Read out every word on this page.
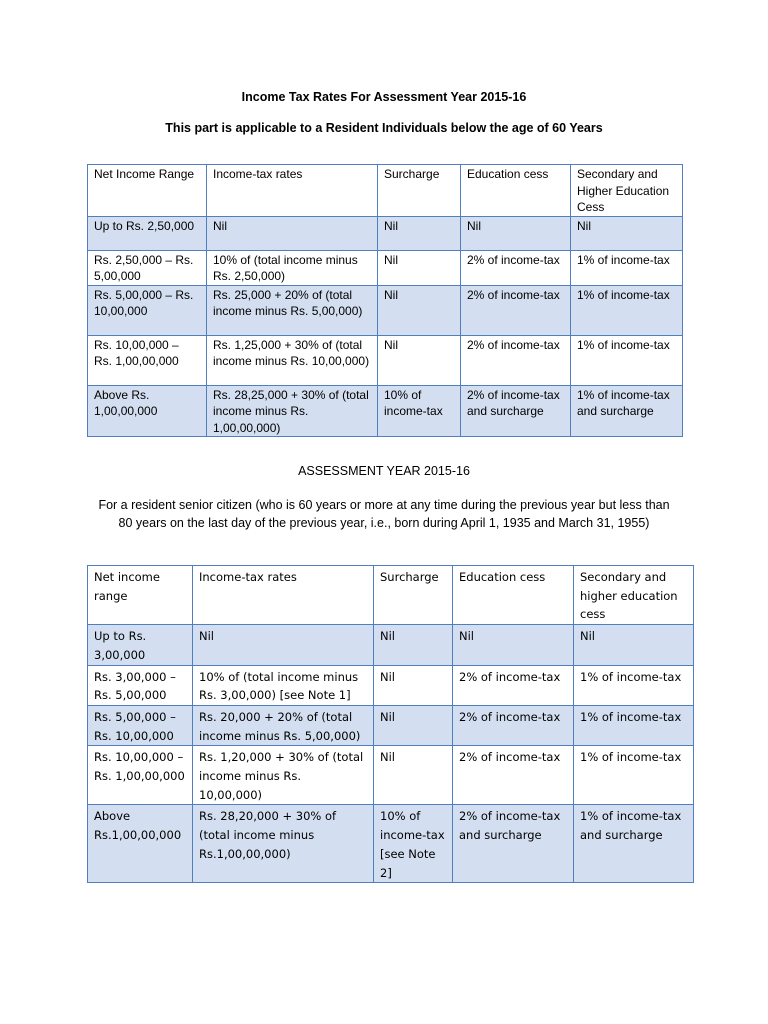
Income Tax Rates For Assessment Year 2015-16
This part is applicable to a Resident Individuals below the age of 60 Years
Net Income Range	Income-tax rates	Surcharge	Education cess	Secondary and Higher Education Cess
Up to Rs. 2,50,000	Nil	Nil	Nil	Nil
Rs. 2,50,000 – Rs. 5,00,000	10% of (total income minus Rs. 2,50,000)	Nil	2% of income-tax	1% of income-tax
Rs. 5,00,000 – Rs. 10,00,000	Rs. 25,000 + 20% of (total income minus Rs. 5,00,000)	Nil	2% of income-tax	1% of income-tax
Rs. 10,00,000 – Rs. 1,00,00,000	Rs. 1,25,000 + 30% of (total income minus Rs. 10,00,000)	Nil	2% of income-tax	1% of income-tax
Above Rs. 1,00,00,000	Rs. 28,25,000 + 30% of (total income minus Rs. 1,00,00,000)	10% of income-tax	2% of income-tax and surcharge	1% of income-tax and surcharge
ASSESSMENT YEAR 2015-16
For a resident senior citizen (who is 60 years or more at any time during the previous year but less than 80 years on the last day of the previous year, i.e., born during April 1, 1935 and March 31, 1955)
Net income range	Income-tax rates	Surcharge	Education cess	Secondary and higher education cess
Up to Rs. 3,00,000	Nil	Nil	Nil	Nil
Rs. 3,00,000 – Rs. 5,00,000	10% of (total income minus Rs. 3,00,000) [see Note 1]	Nil	2% of income-tax	1% of income-tax
Rs. 5,00,000 – Rs. 10,00,000	Rs. 20,000 + 20% of (total income minus Rs. 5,00,000)	Nil	2% of income-tax	1% of income-tax
Rs. 10,00,000 – Rs. 1,00,00,000	Rs. 1,20,000 + 30% of (total income minus Rs. 10,00,000)	Nil	2% of income-tax	1% of income-tax
Above Rs.1,00,00,000	Rs. 28,20,000 + 30% of (total income minus Rs.1,00,00,000)	10% of income-tax [see Note 2]	2% of income-tax and surcharge	1% of income-tax and surcharge
